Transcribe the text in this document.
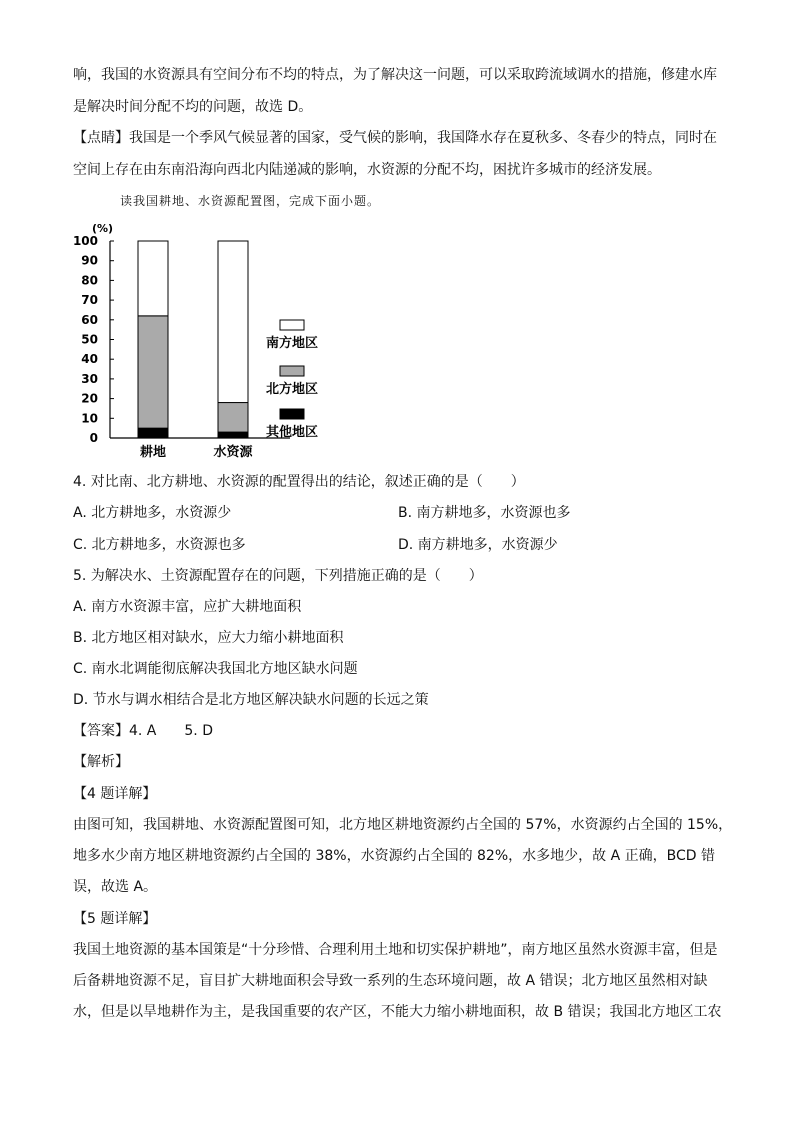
响，我国的水资源具有空间分布不均的特点，为了解决这一问题，可以采取跨流域调水的措施，修建水库
是解决时间分配不均的问题，故选 D。
【点睛】我国是一个季风气候显著的国家，受气候的影响，我国降水存在夏秋多、冬春少的特点，同时在
空间上存在由东南沿海向西北内陆递减的影响，水资源的分配不均，困扰许多城市的经济发展。
读我国耕地、水资源配置图，完成下面小题。
(%)
0
10
20
30
40
50
60
70
80
90
100
耕地	水资源
南方地区
北方地区
其他地区
4. 对比南、北方耕地、水资源的配置得出的结论，叙述正确的是（　　）
A. 北方耕地多，水资源少	B. 南方耕地多，水资源也多
C. 北方耕地多，水资源也多	D. 南方耕地多，水资源少
5. 为解决水、土资源配置存在的问题，下列措施正确的是（　　）
A. 南方水资源丰富，应扩大耕地面积
B. 北方地区相对缺水，应大力缩小耕地面积
C. 南水北调能彻底解决我国北方地区缺水问题
D. 节水与调水相结合是北方地区解决缺水问题的长远之策
【答案】4. A 5. D
【解析】
【4 题详解】
由图可知，我国耕地、水资源配置图可知，北方地区耕地资源约占全国的 57%，水资源约占全国的 15%，
地多水少南方地区耕地资源约占全国的 38%，水资源约占全国的 82%，水多地少，故 A 正确，BCD 错
误，故选 A。
【5 题详解】
我国土地资源的基本国策是“十分珍惜、合理利用土地和切实保护耕地”，南方地区虽然水资源丰富，但是
后备耕地资源不足，盲目扩大耕地面积会导致一系列的生态环境问题，故 A 错误；北方地区虽然相对缺
水，但是以旱地耕作为主，是我国重要的农产区，不能大力缩小耕地面积，故 B 错误；我国北方地区工农
